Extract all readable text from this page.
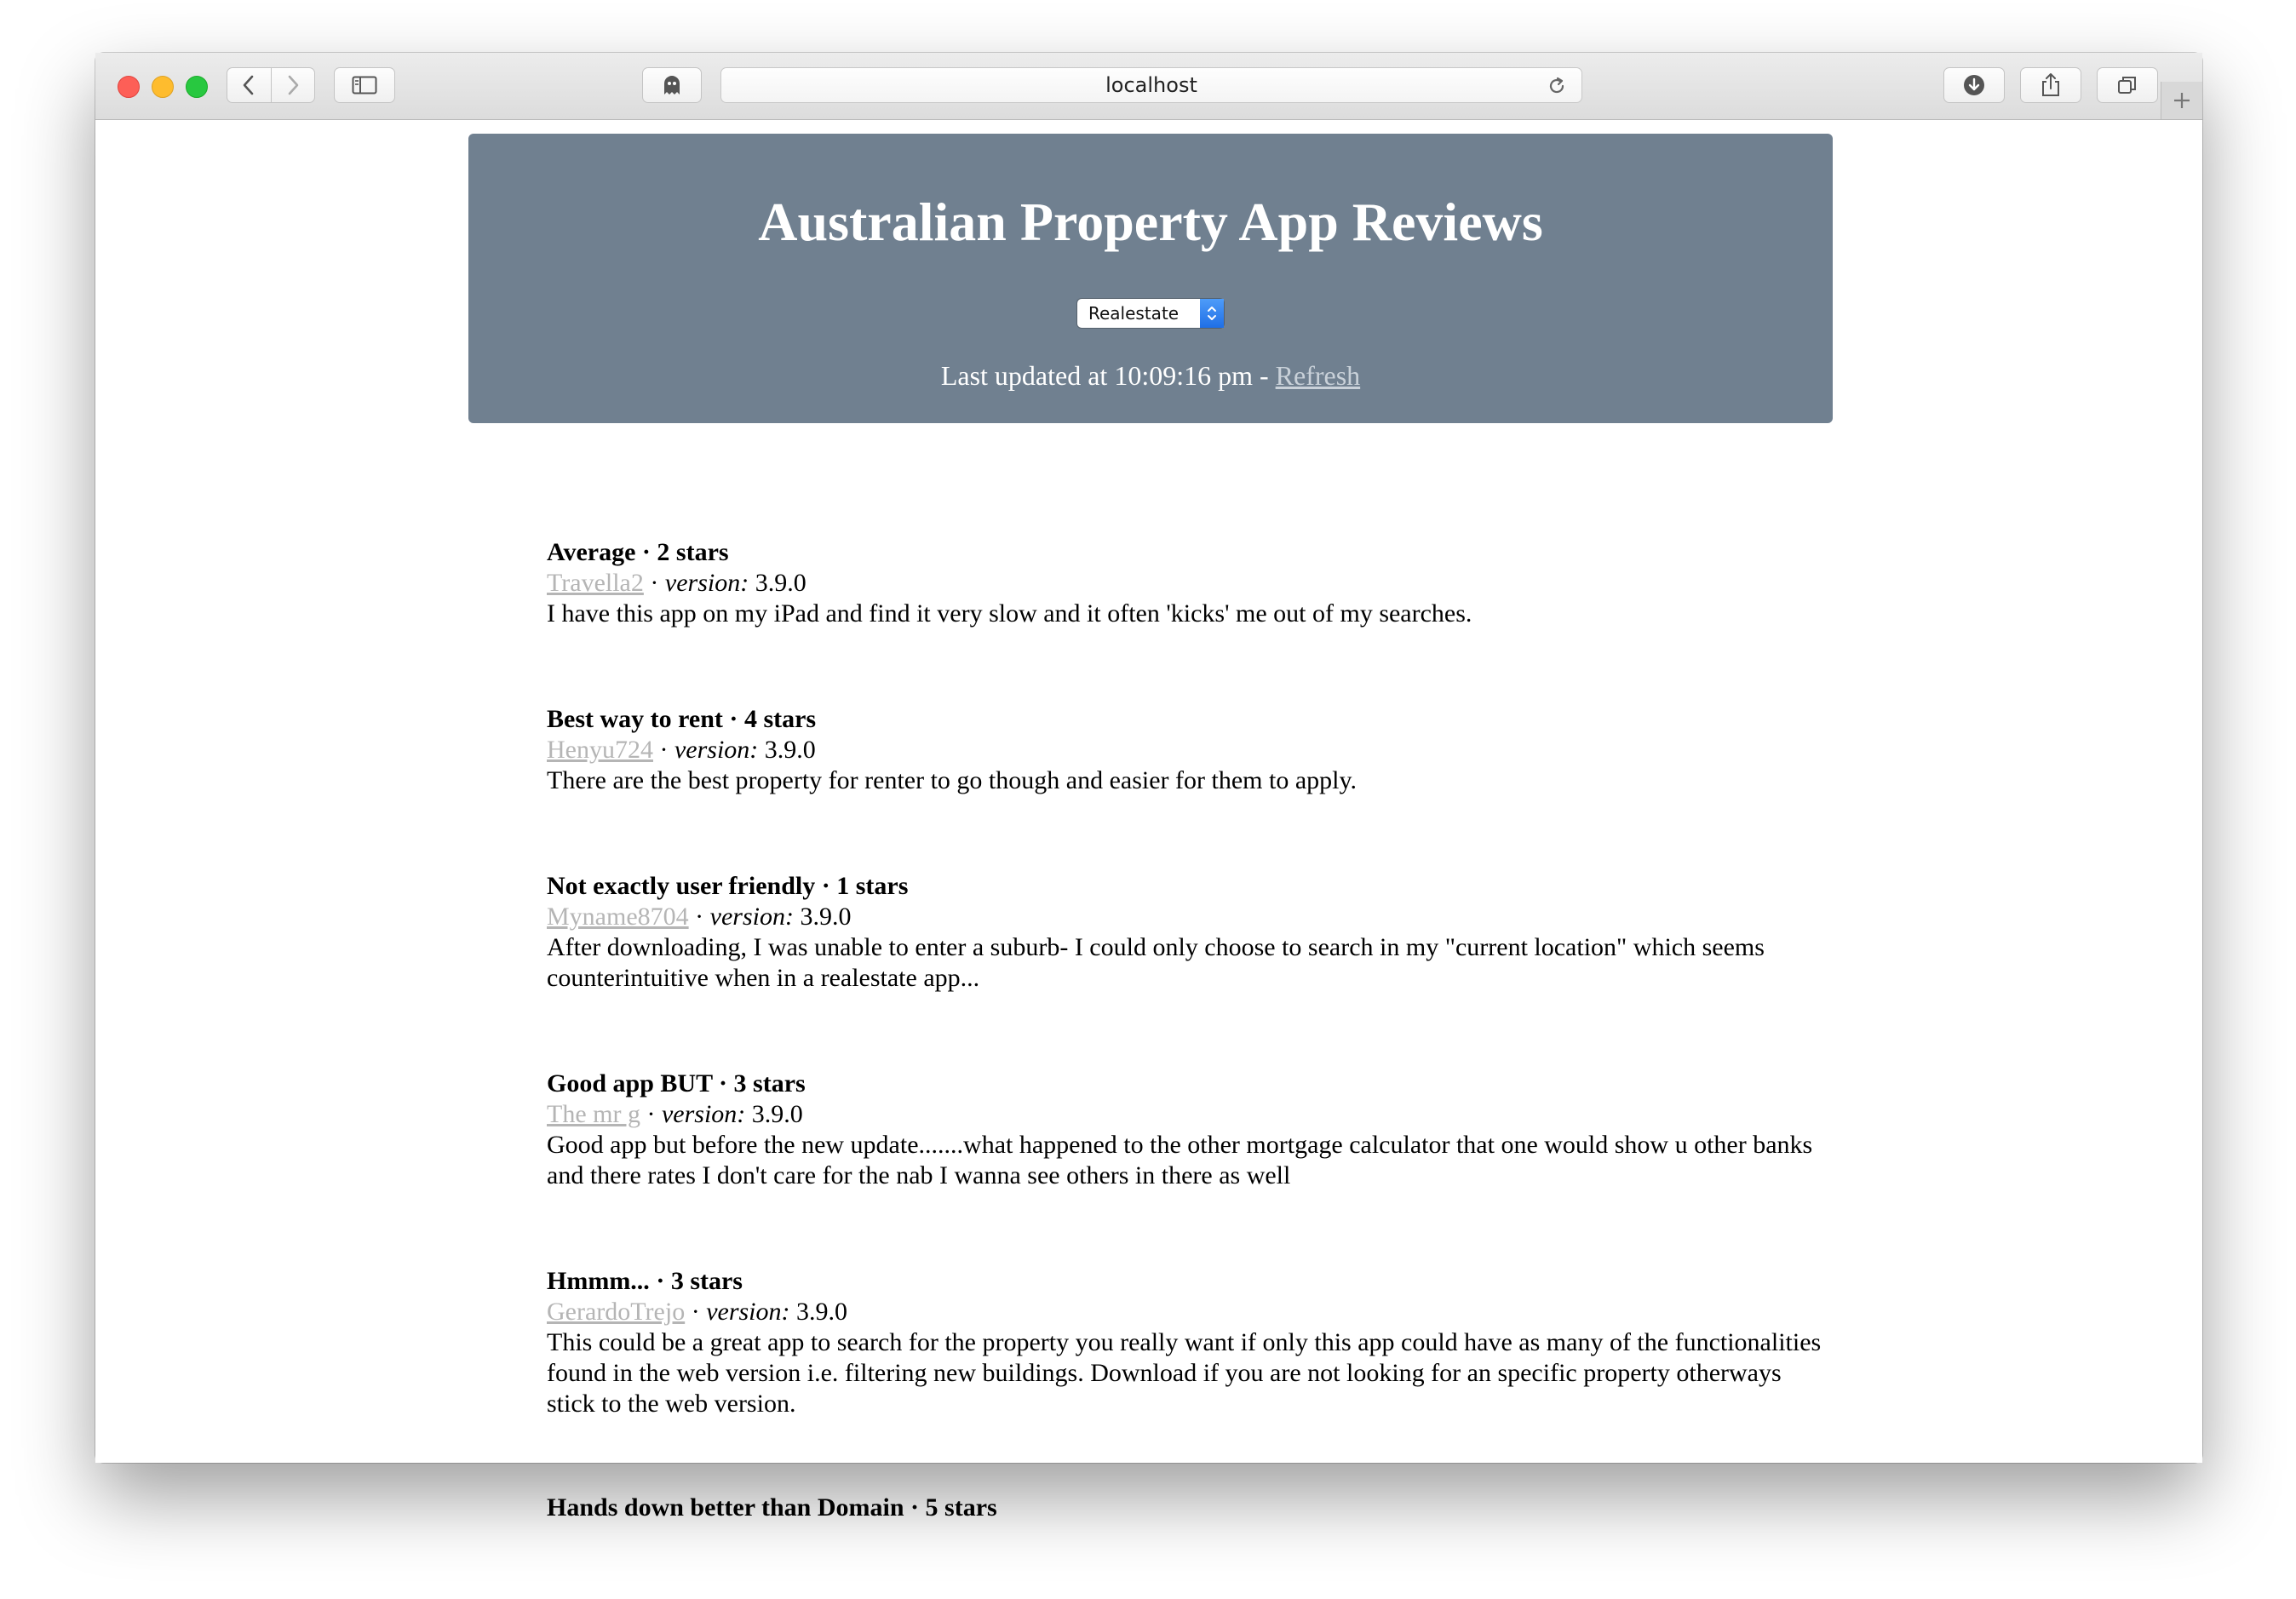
localhost
Australian Property App Reviews
Realestate
Last updated at 10:09:16 pm - Refresh
Average · 2 stars
Travella2 · version: 3.9.0

I have this app on my iPad and find it very slow and it often 'kicks' me out of my searches.

Best way to rent · 4 stars
Henyu724 · version: 3.9.0

There are the best property for renter to go though and easier for them to apply.

Not exactly user friendly · 1 stars
Myname8704 · version: 3.9.0

After downloading, I was unable to enter a suburb- I could only choose to search in my "current location" which seems counterintuitive when in a realestate app...

Good app BUT · 3 stars
The mr g · version: 3.9.0

Good app but before the new update.......what happened to the other mortgage calculator that one would show u other banks and there rates I don't care for the nab I wanna see others in there as well

Hmmm... · 3 stars
GerardoTrejo · version: 3.9.0

This could be a great app to search for the property you really want if only this app could have as many of the functionalities found in the web version i.e. filtering new buildings. Download if you are not looking for an specific property otherways stick to the web version.

Hands down better than Domain · 5 stars
